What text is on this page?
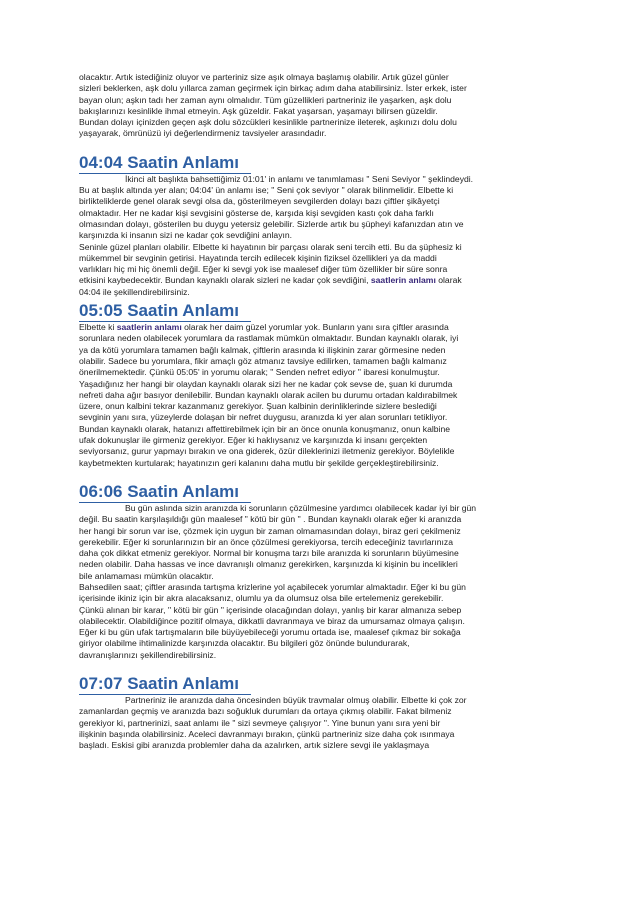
olacaktır. Artık istediğiniz oluyor ve parteriniz size aşık olmaya başlamış olabilir. Artık güzel günler
sizleri beklerken, aşk dolu yıllarca zaman geçirmek için birkaç adım daha atabilirsiniz. İster erkek, ister
bayan olun; aşkın tadı her zaman aynı olmalıdır. Tüm güzellikleri partneriniz ile yaşarken, aşk dolu
bakışlarınızı kesinlikle ihmal etmeyin. Aşk güzeldir. Fakat yaşarsan, yaşamayı bilirsen güzeldir.
Bundan dolayı içinizden geçen aşk dolu sözcükleri kesinlikle partnerinize ileterek, aşkınızı dolu dolu
yaşayarak, ömrünüzü iyi değerlendirmeniz tavsiyeler arasındadır.

04:04 Saatin Anlamı

İkinci alt başlıkta bahsettiğimiz 01:01' in anlamı ve tanımlaması " Seni Seviyor '' şeklindeydi.
Bu at başlık altında yer alan; 04:04' ün anlamı ise; " Seni çok seviyor " olarak bilinmelidir. Elbette ki
birlikteliklerde genel olarak sevgi olsa da, gösterilmeyen sevgilerden dolayı bazı çiftler şikâyetçi
olmaktadır. Her ne kadar kişi sevgisini gösterse de, karşıda kişi sevgiden kastı çok daha farklı
olmasından dolayı, gösterilen bu duygu yetersiz gelebilir. Sizlerde artık bu şüpheyi kafanızdan atın ve
karşınızda ki insanın sizi ne kadar çok sevdiğini anlayın.
Seninle güzel planları olabilir. Elbette ki hayatının bir parçası olarak seni tercih etti. Bu da şüphesiz ki
mükemmel bir sevginin getirisi. Hayatında tercih edilecek kişinin fiziksel özellikleri ya da maddi
varlıkları hiç mi hiç önemli değil. Eğer ki sevgi yok ise maalesef diğer tüm özellikler bir süre sonra
etkisini kaybedecektir. Bundan kaynaklı olarak sizleri ne kadar çok sevdiğini, saatlerin anlamı olarak
04:04 ile şekillendirebilirsiniz.

05:05 Saatin Anlamı

Elbette ki saatlerin anlamı olarak her daim güzel yorumlar yok. Bunların yanı sıra çiftler arasında
sorunlara neden olabilecek yorumlara da rastlamak mümkün olmaktadır. Bundan kaynaklı olarak, iyi
ya da kötü yorumlara tamamen bağlı kalmak, çiftlerin arasında ki ilişkinin zarar görmesine neden
olabilir. Sadece bu yorumlara, fikir amaçlı göz atmanız tavsiye edilirken, tamamen bağlı kalmanız
önerilmemektedir. Çünkü 05:05' in yorumu olarak; " Senden nefret ediyor " ibaresi konulmuştur.
Yaşadığınız her hangi bir olaydan kaynaklı olarak sizi her ne kadar çok sevse de, şuan ki durumda
nefreti daha ağır basıyor denilebilir. Bundan kaynaklı olarak acilen bu durumu ortadan kaldırabilmek
üzere, onun kalbini tekrar kazanmanız gerekiyor. Şuan kalbinin derinliklerinde sizlere beslediği
sevginin yanı sıra, yüzeylerde dolaşan bir nefret duygusu, aranızda ki yer alan sorunları tetikliyor.
Bundan kaynaklı olarak, hatanızı affettirebilmek için bir an önce onunla konuşmanız, onun kalbine
ufak dokunuşlar ile girmeniz gerekiyor. Eğer ki haklıysanız ve karşınızda ki insanı gerçekten
seviyorsanız, gurur yapmayı bırakın ve ona giderek, özür dileklerinizi iletmeniz gerekiyor. Böylelikle
kaybetmekten kurtularak; hayatınızın geri kalanını daha mutlu bir şekilde gerçekleştirebilirsiniz.

06:06 Saatin Anlamı

Bu gün aslında sizin aranızda ki sorunların çözülmesine yardımcı olabilecek kadar iyi bir gün
değil. Bu saatin karşılaşıldığı gün maalesef " kötü bir gün '' . Bundan kaynaklı olarak eğer ki aranızda
her hangi bir sorun var ise, çözmek için uygun bir zaman olmamasından dolayı, biraz geri çekilmeniz
gerekebilir. Eğer ki sorunlarınızın bir an önce çözülmesi gerekiyorsa, tercih edeceğiniz tavırlarınıza
daha çok dikkat etmeniz gerekiyor. Normal bir konuşma tarzı bile aranızda ki sorunların büyümesine
neden olabilir. Daha hassas ve ince davranışlı olmanız gerekirken, karşınızda ki kişinin bu incelikleri
bile anlamaması mümkün olacaktır.
Bahsedilen saat; çiftler arasında tartışma krizlerine yol açabilecek yorumlar almaktadır. Eğer ki bu gün
içerisinde ikiniz için bir akra alacaksanız, olumlu ya da olumsuz olsa bile ertelemeniz gerekebilir.
Çünkü alınan bir karar, '' kötü bir gün " içerisinde olacağından dolayı, yanlış bir karar almanıza sebep
olabilecektir. Olabildiğince pozitif olmaya, dikkatli davranmaya ve biraz da umursamaz olmaya çalışın.
Eğer ki bu gün ufak tartışmaların bile büyüyebileceği yorumu ortada ise, maalesef çıkmaz bir sokağa
giriyor olabilme ihtimalinizde karşınızda olacaktır. Bu bilgileri göz önünde bulundurarak,
davranışlarınızı şekillendirebilirsiniz.

07:07 Saatin Anlamı

Partneriniz ile aranızda daha öncesinden büyük travmalar olmuş olabilir. Elbette ki çok zor
zamanlardan geçmiş ve aranızda bazı soğukluk durumları da ortaya çıkmış olabilir. Fakat bilmeniz
gerekiyor ki, partnerinizi, saat anlamı ile " sizi sevmeye çalışıyor ''. Yine bunun yanı sıra yeni bir
ilişkinin başında olabilirsiniz. Aceleci davranmayı bırakın, çünkü partneriniz size daha çok ısınmaya
başladı. Eskisi gibi aranızda problemler daha da azalırken, artık sizlere sevgi ile yaklaşmaya
